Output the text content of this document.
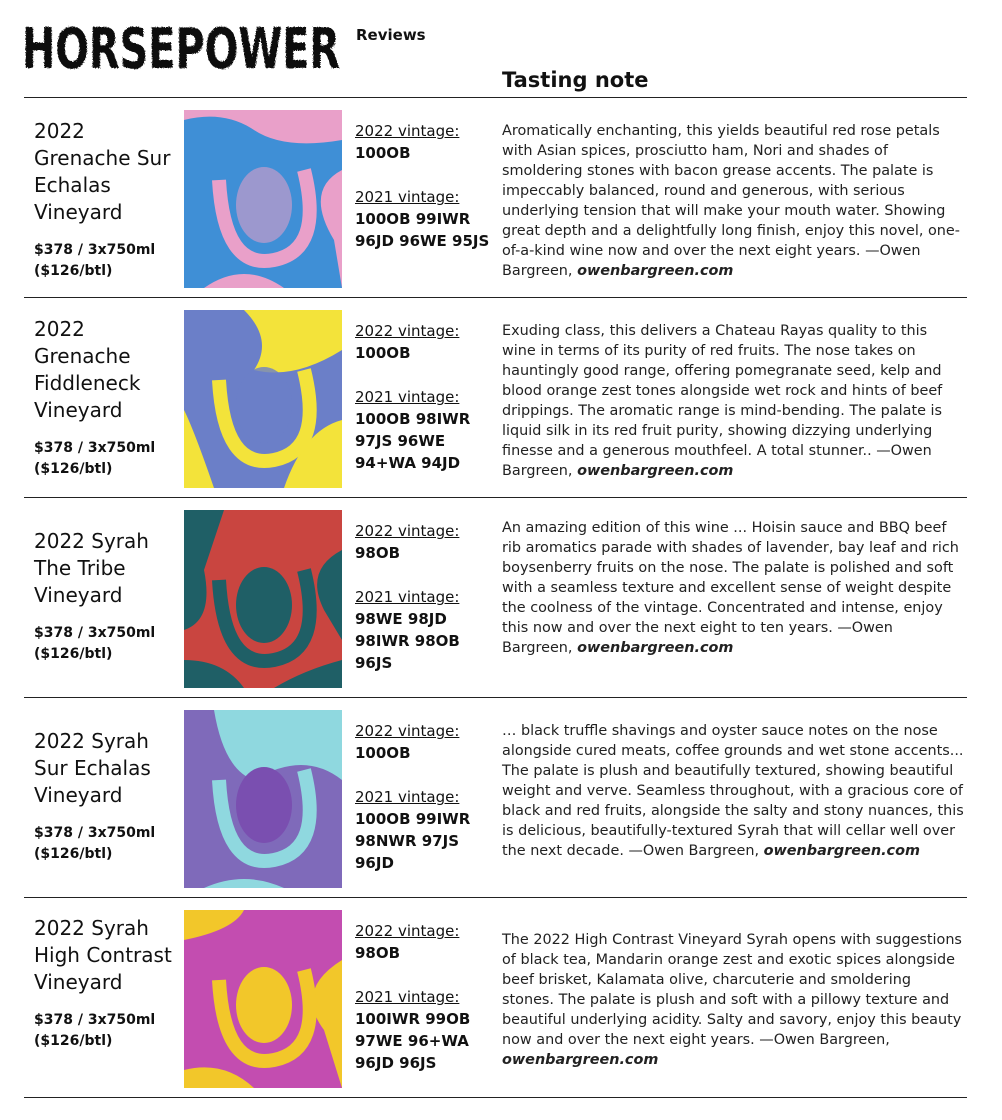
HORSEPOWER Reviews
Tasting note
2022 Grenache Sur Echalas Vineyard
$378 / 3x750ml
($126/btl)
2022 vintage:
100OB
2021 vintage:
100OB 99IWR 96JD 96WE 95JS
Aromatically enchanting, this yields beautiful red rose petals with Asian spices, prosciutto ham, Nori and shades of smoldering stones with bacon grease accents. The palate is impeccably balanced, round and generous, with serious underlying tension that will make your mouth water. Showing great depth and a delightfully long finish, enjoy this novel, one-of-a-kind wine now and over the next eight years. —Owen Bargreen, owenbargreen.com
2022 Grenache Fiddleneck Vineyard
$378 / 3x750ml
($126/btl)
2022 vintage:
100OB
2021 vintage:
100OB 98IWR 97JS 96WE 94+WA 94JD
Exuding class, this delivers a Chateau Rayas quality to this wine in terms of its purity of red fruits. The nose takes on hauntingly good range, offering pomegranate seed, kelp and blood orange zest tones alongside wet rock and hints of beef drippings. The aromatic range is mind-bending. The palate is liquid silk in its red fruit purity, showing dizzying underlying finesse and a generous mouthfeel. A total stunner.. —Owen Bargreen, owenbargreen.com
2022 Syrah The Tribe Vineyard
$378 / 3x750ml
($126/btl)
2022 vintage:
98OB
2021 vintage:
98WE 98JD 98IWR 98OB 96JS
An amazing edition of this wine ... Hoisin sauce and BBQ beef rib aromatics parade with shades of lavender, bay leaf and rich boysenberry fruits on the nose. The palate is polished and soft with a seamless texture and excellent sense of weight despite the coolness of the vintage. Concentrated and intense, enjoy this now and over the next eight to ten years. —Owen Bargreen, owenbargreen.com
2022 Syrah Sur Echalas Vineyard
$378 / 3x750ml
($126/btl)
2022 vintage:
100OB
2021 vintage:
100OB 99IWR 98NWR 97JS 96JD
… black truffle shavings and oyster sauce notes on the nose alongside cured meats, coffee grounds and wet stone accents... The palate is plush and beautifully textured, showing beautiful weight and verve. Seamless throughout, with a gracious core of black and red fruits, alongside the salty and stony nuances, this is delicious, beautifully-textured Syrah that will cellar well over the next decade. —Owen Bargreen, owenbargreen.com
2022 Syrah High Contrast Vineyard
$378 / 3x750ml
($126/btl)
2022 vintage:
98OB
2021 vintage:
100IWR 99OB 97WE 96+WA 96JD 96JS
The 2022 High Contrast Vineyard Syrah opens with suggestions of black tea, Mandarin orange zest and exotic spices alongside beef brisket, Kalamata olive, charcuterie and smoldering stones. The palate is plush and soft with a pillowy texture and beautiful underlying acidity. Salty and savory, enjoy this beauty now and over the next eight years. —Owen Bargreen, owenbargreen.com
